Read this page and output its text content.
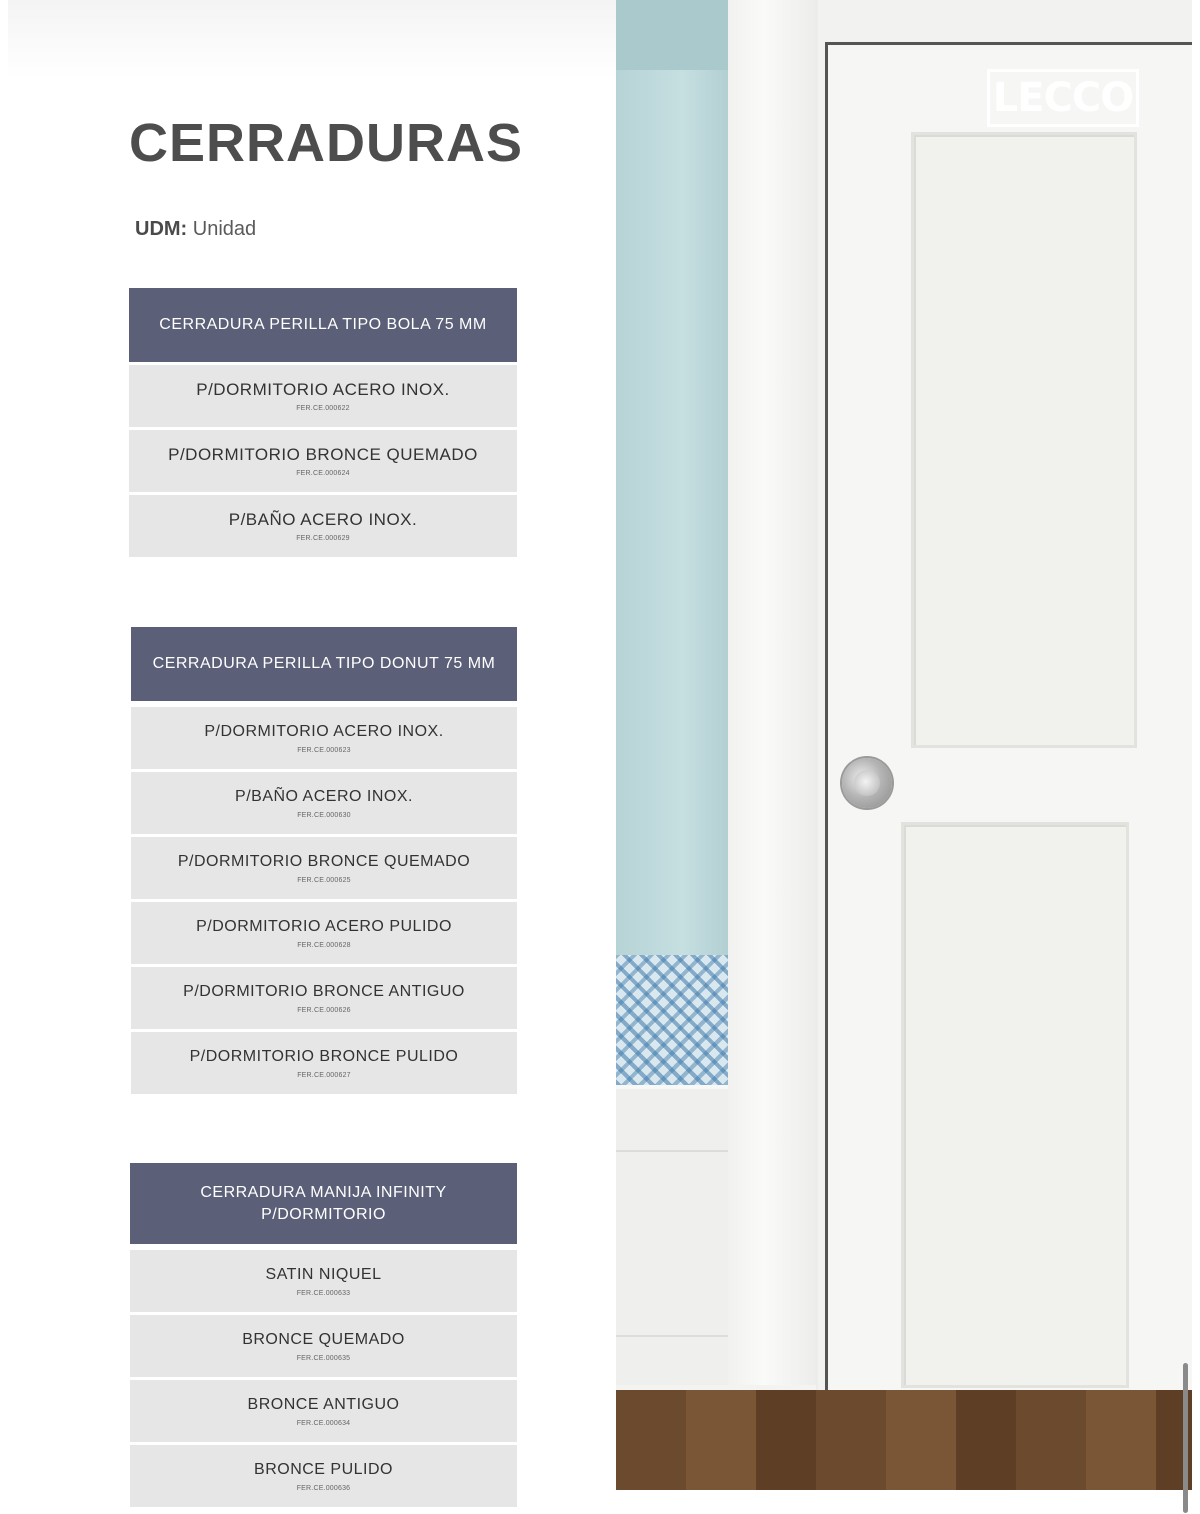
CERRADURAS
UDM: Unidad
CERRADURA PERILLA TIPO BOLA 75 MM
P/DORMITORIO ACERO INOX.
FER.CE.000622
P/DORMITORIO BRONCE QUEMADO
FER.CE.000624
P/BAÑO ACERO INOX.
FER.CE.000629
CERRADURA PERILLA TIPO DONUT 75 MM
P/DORMITORIO ACERO INOX.
FER.CE.000623
P/BAÑO ACERO INOX.
FER.CE.000630
P/DORMITORIO BRONCE QUEMADO
FER.CE.000625
P/DORMITORIO ACERO PULIDO
FER.CE.000628
P/DORMITORIO BRONCE ANTIGUO
FER.CE.000626
P/DORMITORIO BRONCE PULIDO
FER.CE.000627
CERRADURA MANIJA INFINITY P/DORMITORIO
SATIN NIQUEL
FER.CE.000633
BRONCE QUEMADO
FER.CE.000635
BRONCE ANTIGUO
FER.CE.000634
BRONCE PULIDO
FER.CE.000636
LECCO
